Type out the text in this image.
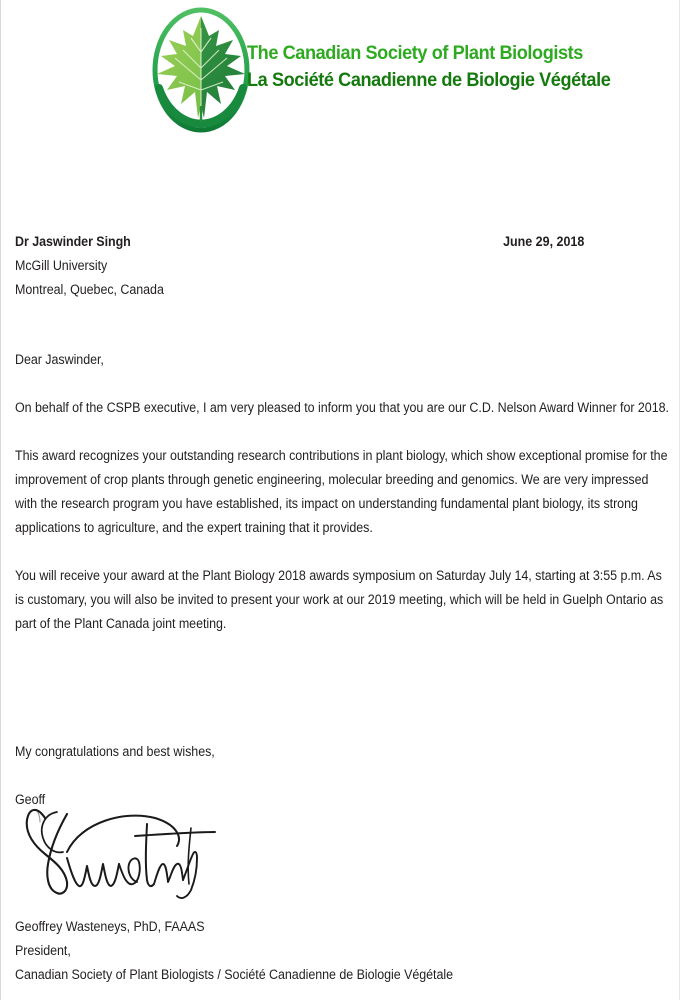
The Canadian Society of Plant Biologists
La Société Canadienne de Biologie Végétale
Dr Jaswinder Singh	June 29, 2018
McGill University
Montreal, Quebec, Canada

Dear Jaswinder,

On behalf of the CSPB executive, I am very pleased to inform you that you are our C.D. Nelson Award Winner for 2018.

This award recognizes your outstanding research contributions in plant biology, which show exceptional promise for the improvement of crop plants through genetic engineering, molecular breeding and genomics. We are very impressed with the research program you have established, its impact on understanding fundamental plant biology, its strong applications to agriculture, and the expert training that it provides.

You will receive your award at the Plant Biology 2018 awards symposium on Saturday July 14, starting at 3:55 p.m. As is customary, you will also be invited to present your work at our 2019 meeting, which will be held in Guelph Ontario as part of the Plant Canada joint meeting.

My congratulations and best wishes,

Geoff

Geoffrey Wasteneys, PhD, FAAAS

President,

Canadian Society of Plant Biologists / Société Canadienne de Biologie Végétale
